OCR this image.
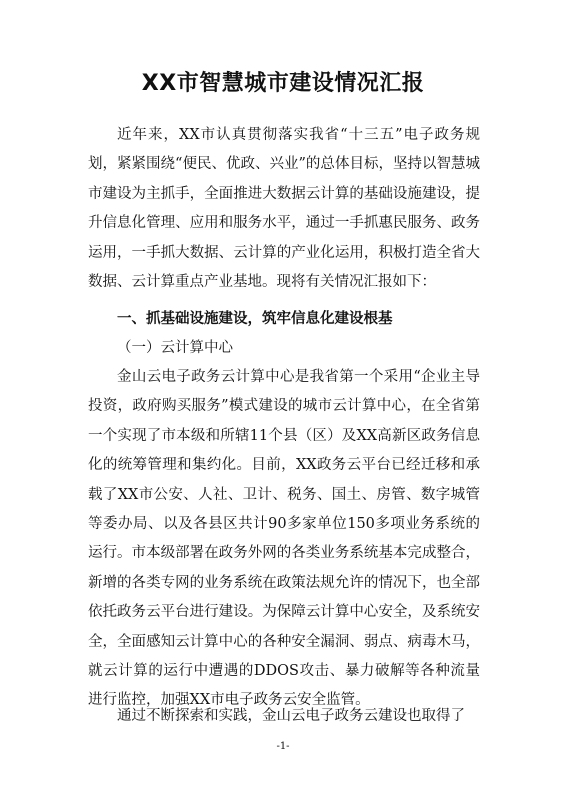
XX市智慧城市建设情况汇报

近年来，XX市认真贯彻落实我省“十三五”电子政务规划，紧紧围绕“便民、优政、兴业”的总体目标，坚持以智慧城市建设为主抓手，全面推进大数据云计算的基础设施建设，提升信息化管理、应用和服务水平，通过一手抓惠民服务、政务运用，一手抓大数据、云计算的产业化运用，积极打造全省大数据、云计算重点产业基地。现将有关情况汇报如下：

一、抓基础设施建设，筑牢信息化建设根基

（一）云计算中心

金山云电子政务云计算中心是我省第一个采用“企业主导投资，政府购买服务”模式建设的城市云计算中心，在全省第一个实现了市本级和所辖11个县（区）及XX高新区政务信息化的统筹管理和集约化。目前，XX政务云平台已经迁移和承载了XX市公安、人社、卫计、税务、国土、房管、数字城管等委办局、以及各县区共计90多家单位150多项业务系统的运行。市本级部署在政务外网的各类业务系统基本完成整合，新增的各类专网的业务系统在政策法规允许的情况下，也全部依托政务云平台进行建设。为保障云计算中心安全，及系统安全，全面感知云计算中心的各种安全漏洞、弱点、病毒木马，就云计算的运行中遭遇的DDOS攻击、暴力破解等各种流量进行监控，加强XX市电子政务云安全监管。

通过不断探索和实践，金山云电子政务云建设也取得了

-1-
